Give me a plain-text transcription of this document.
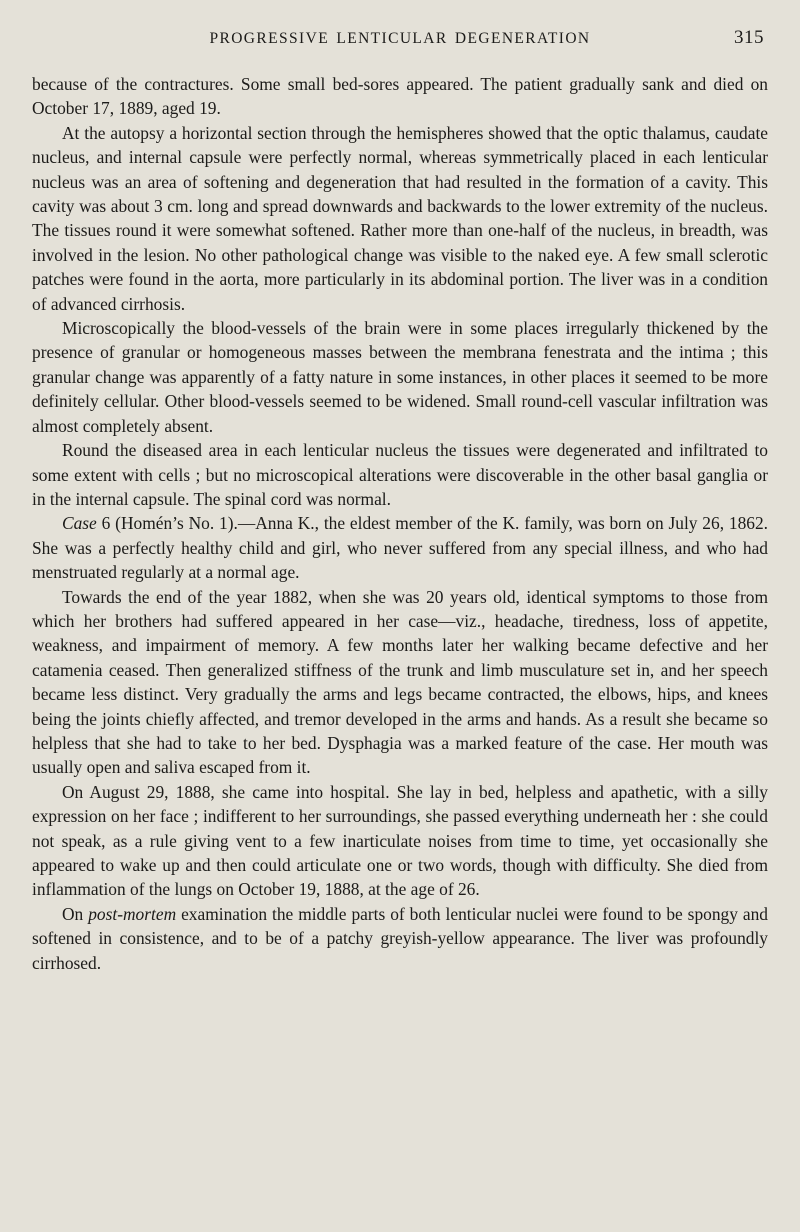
PROGRESSIVE LENTICULAR DEGENERATION	315

because of the contractures. Some small bed-sores appeared. The patient gradually sank and died on October 17, 1889, aged 19.

At the autopsy a horizontal section through the hemispheres showed that the optic thalamus, caudate nucleus, and internal capsule were perfectly normal, whereas symmetrically placed in each lenticular nucleus was an area of softening and degeneration that had resulted in the formation of a cavity. This cavity was about 3 cm. long and spread downwards and backwards to the lower extremity of the nucleus. The tissues round it were somewhat softened. Rather more than one-half of the nucleus, in breadth, was involved in the lesion. No other pathological change was visible to the naked eye. A few small sclerotic patches were found in the aorta, more particularly in its abdominal portion. The liver was in a condition of advanced cirrhosis.

Microscopically the blood-vessels of the brain were in some places irregularly thickened by the presence of granular or homogeneous masses between the membrana fenestrata and the intima ; this granular change was apparently of a fatty nature in some instances, in other places it seemed to be more definitely cellular. Other blood-vessels seemed to be widened. Small round-cell vascular infiltration was almost completely absent.

Round the diseased area in each lenticular nucleus the tissues were degenerated and infiltrated to some extent with cells ; but no microscopical alterations were discoverable in the other basal ganglia or in the internal capsule. The spinal cord was normal.

Case 6 (Homén’s No. 1).—Anna K., the eldest member of the K. family, was born on July 26, 1862. She was a perfectly healthy child and girl, who never suffered from any special illness, and who had menstruated regularly at a normal age.

Towards the end of the year 1882, when she was 20 years old, identical symptoms to those from which her brothers had suffered appeared in her case—viz., headache, tiredness, loss of appetite, weakness, and impairment of memory. A few months later her walking became defective and her catamenia ceased. Then generalized stiffness of the trunk and limb musculature set in, and her speech became less distinct. Very gradually the arms and legs became contracted, the elbows, hips, and knees being the joints chiefly affected, and tremor developed in the arms and hands. As a result she became so helpless that she had to take to her bed. Dysphagia was a marked feature of the case. Her mouth was usually open and saliva escaped from it.

On August 29, 1888, she came into hospital. She lay in bed, helpless and apathetic, with a silly expression on her face ; indifferent to her surroundings, she passed everything underneath her : she could not speak, as a rule giving vent to a few inarticulate noises from time to time, yet occasionally she appeared to wake up and then could articulate one or two words, though with difficulty. She died from inflammation of the lungs on October 19, 1888, at the age of 26.

On post-mortem examination the middle parts of both lenticular nuclei were found to be spongy and softened in consistence, and to be of a patchy greyish-yellow appearance. The liver was profoundly cirrhosed.
